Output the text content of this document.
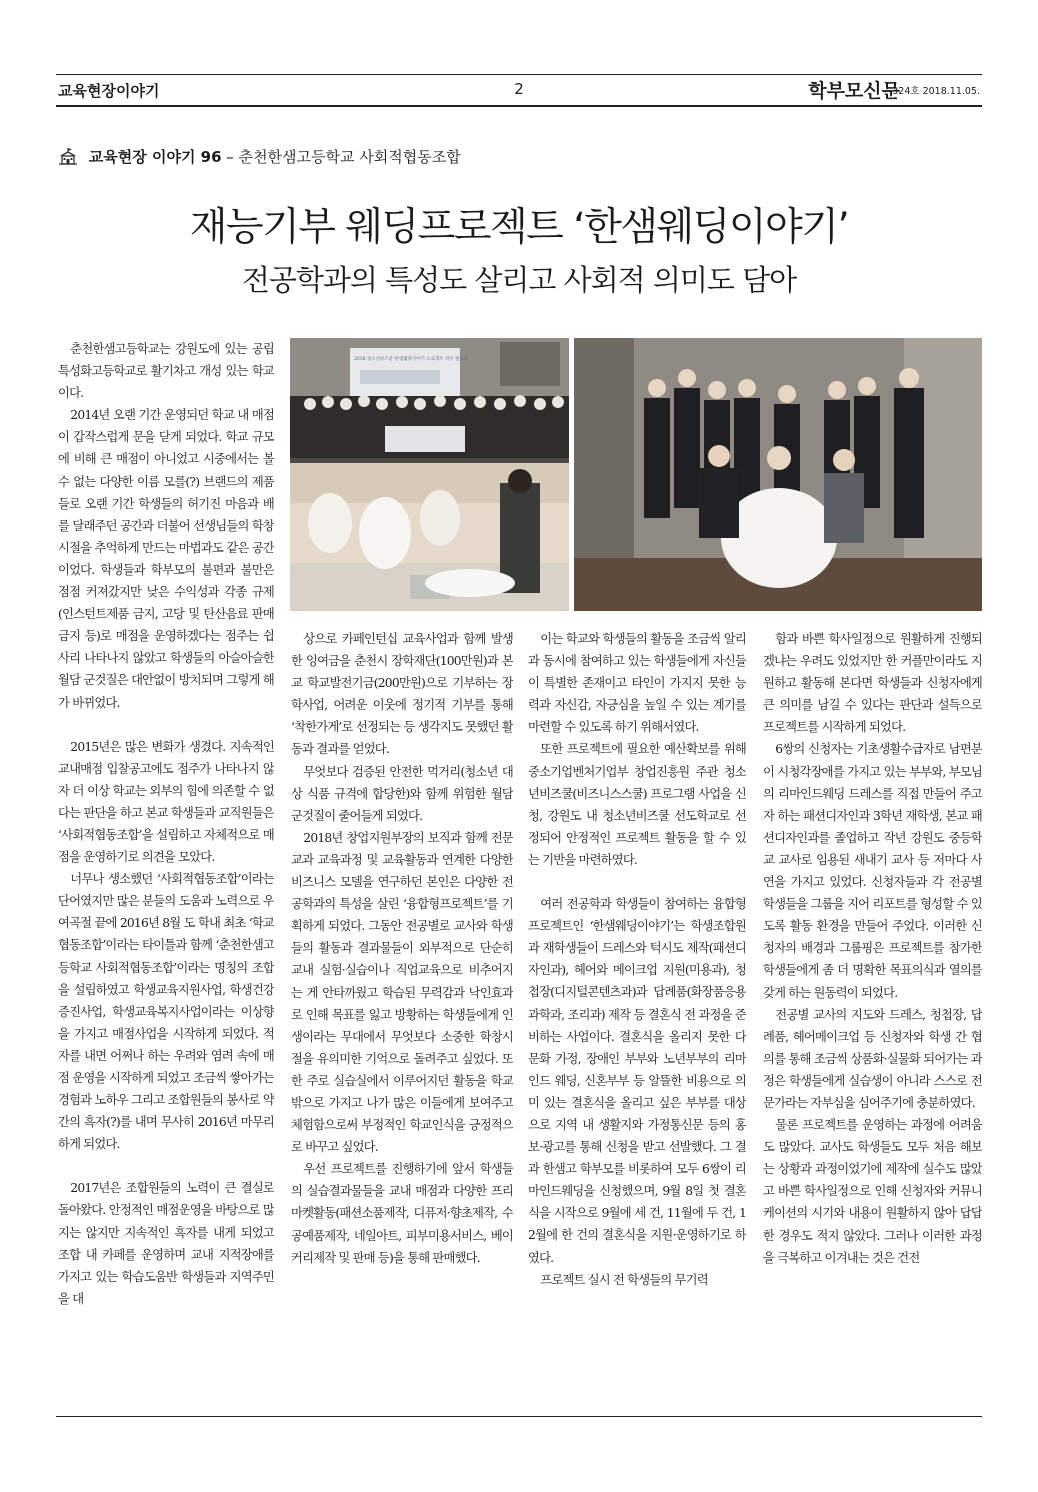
교육현장이야기	2	학부모신문
324호 2018.11.05.
교육현장 이야기 96 – 춘천한샘고등학교 사회적협동조합
재능기부 웨딩프로젝트 ‘한샘웨딩이야기’
전공학과의 특성도 살리고 사회적 의미도 담아
2018 청소년비즈쿨 한샘웨딩이야기 프로젝트 착수 발표회

춘천한샘고등학교는 강원도에 있는 공립특성화고등학교로 활기차고 개성 있는 학교이다.

2014년 오랜 기간 운영되던 학교 내 매점이 갑작스럽게 문을 닫게 되었다. 학교 규모에 비해 큰 매점이 아니었고 시중에서는 볼 수 없는 다양한 이름 모를(?) 브랜드의 제품들로 오랜 기간 학생들의 허기진 마음과 배를 달래주던 공간과 더불어 선생님들의 학창시절을 추억하게 만드는 마법과도 같은 공간이었다. 학생들과 학부모의 불편과 불만은 점점 커져갔지만 낮은 수익성과 각종 규제(인스턴트제품 금지, 고당 및 탄산음료 판매금지 등)로 매점을 운영하겠다는 점주는 쉽사리 나타나지 않았고 학생들의 아슬아슬한 월담 군것질은 대안없이 방치되며 그렇게 해가 바뀌었다.

2015년은 많은 변화가 생겼다. 지속적인 교내매점 입찰공고에도 점주가 나타나지 않자 더 이상 학교는 외부의 힘에 의존할 수 없다는 판단을 하고 본교 학생들과 교직원들은 ‘사회적협동조합’을 설립하고 자체적으로 매점을 운영하기로 의견을 모았다.

너무나 생소했던 ‘사회적협동조합’이라는 단어였지만 많은 분들의 도움과 노력으로 우여곡절 끝에 2016년 8월 도 학내 최초 ‘학교협동조합’이라는 타이틀과 함께 ‘춘천한샘고등학교 사회적협동조합’이라는 명칭의 조합을 설립하였고 학생교육지원사업, 학생건강증진사업, 학생교육복지사업이라는 이상향을 가지고 매점사업을 시작하게 되었다. 적자를 내면 어쩌나 하는 우려와 염려 속에 매점 운영을 시작하게 되었고 조금씩 쌓아가는 경험과 노하우 그리고 조합원들의 봉사로 약간의 흑자(?)를 내며 무사히 2016년 마무리하게 되었다.

2017년은 조합원들의 노력이 큰 결실로 돌아왔다. 안정적인 매점운영을 바탕으로 많지는 않지만 지속적인 흑자를 내게 되었고 조합 내 카페를 운영하며 교내 지적장애를 가지고 있는 학습도움반 학생들과 지역주민을 대

상으로 카페인턴십 교육사업과 함께 발생한 잉여금을 춘천시 장학재단(100만원)과 본교 학교발전기금(200만원)으로 기부하는 장학사업, 어려운 이웃에 정기적 기부를 통해 ‘착한가게’로 선정되는 등 생각지도 못했던 활동과 결과를 얻었다.

무엇보다 검증된 안전한 먹거리(청소년 대상 식품 규격에 합당한)와 함께 위험한 월담 군것질이 줄어들게 되었다.

2018년 창업지원부장의 보직과 함께 전문교과 교육과정 및 교육활동과 연계한 다양한 비즈니스 모델을 연구하던 본인은 다양한 전공학과의 특성을 살린 ‘융합형프로젝트’를 기획하게 되었다. 그동안 전공별로 교사와 학생들의 활동과 결과물들이 외부적으로 단순히 교내 실험·실습이나 직업교육으로 비추어지는 게 안타까웠고 학습된 무력감과 낙인효과로 인해 목표를 잃고 방황하는 학생들에게 인생이라는 무대에서 무엇보다 소중한 학창시절을 유의미한 기억으로 돌려주고 싶었다. 또한 주로 실습실에서 이루어지던 활동을 학교 밖으로 가지고 나가 많은 이들에게 보여주고 체험함으로써 부정적인 학교인식을 긍정적으로 바꾸고 싶었다.

우선 프로젝트를 진행하기에 앞서 학생들의 실습결과물들을 교내 매점과 다양한 프리마켓활동(패션소품제작, 디퓨저·향초제작, 수공예품제작, 네일아트, 피부미용서비스, 베이커리제작 및 판매 등)을 통해 판매했다.

이는 학교와 학생들의 활동을 조금씩 알리과 동시에 참여하고 있는 학생들에게 자신들이 특별한 존재이고 타인이 가지지 못한 능력과 자신감, 자긍심을 높일 수 있는 계기를 마련할 수 있도록 하기 위해서였다.

또한 프로젝트에 필요한 예산확보를 위해 중소기업벤처기업부 창업진흥원 주관 청소년비즈쿨(비즈니스스쿨) 프로그램 사업을 신청, 강원도 내 청소년비즈쿨 선도학교로 선정되어 안정적인 프로젝트 활동을 할 수 있는 기반을 마련하였다.

여러 전공학과 학생들이 참여하는 융합형 프로젝트인 ‘한샘웨딩이야기’는 학생조합원과 재학생들이 드레스와 턱시도 제작(패션디자인과), 헤어와 메이크업 지원(미용과), 청첩장(디지털콘텐츠과)과 답례품(화장품응용과학과, 조리과) 제작 등 결혼식 전 과정을 준비하는 사업이다. 결혼식을 올리지 못한 다문화 가정, 장애인 부부와 노년부부의 리마인드 웨딩, 신혼부부 등 알뜰한 비용으로 의미 있는 결혼식을 올리고 싶은 부부를 대상으로 지역 내 생활지와 가정통신문 등의 홍보·광고를 통해 신청을 받고 선발했다. 그 결과 한샘고 학부모를 비롯하여 모두 6쌍이 리마인드웨딩을 신청했으며, 9월 8일 첫 결혼식을 시작으로 9월에 세 건, 11월에 두 건, 12월에 한 건의 결혼식을 지원·운영하기로 하였다.

프로젝트 실시 전 학생들의 무기력

함과 바쁜 학사일정으로 원활하게 진행되겠냐는 우려도 있었지만 한 커플만이라도 지원하고 활동해 본다면 학생들과 신청자에게 큰 의미를 남길 수 있다는 판단과 설득으로 프로젝트를 시작하게 되었다.

6쌍의 신청자는 기초생활수급자로 남편분이 시청각장애를 가지고 있는 부부와, 부모님의 리마인드웨딩 드레스를 직접 만들어 주고자 하는 패션디자인과 3학년 재학생, 본교 패션디자인과를 졸업하고 작년 강원도 중등학교 교사로 임용된 새내기 교사 등 저마다 사연을 가지고 있었다. 신청자들과 각 전공별 학생들을 그룹을 지어 리포트를 형성할 수 있도록 활동 환경을 만들어 주었다. 이러한 신청자의 배경과 그룹핑은 프로젝트를 참가한 학생들에게 좀 더 명확한 목표의식과 열의를 갖게 하는 원동력이 되었다.

전공별 교사의 지도와 드레스, 청첩장, 답례품, 헤어메이크업 등 신청자와 학생 간 협의를 통해 조금씩 상품화·실물화 되어가는 과정은 학생들에게 실습생이 아니라 스스로 전문가라는 자부심을 심어주기에 충분하였다.

물론 프로젝트를 운영하는 과정에 어려움도 많았다. 교사도 학생들도 모두 처음 해보는 상황과 과정이었기에 제작에 실수도 많았고 바쁜 학사일정으로 인해 신청자와 커뮤니케이션의 시기와 내용이 원활하지 않아 답답한 경우도 적지 않았다. 그러나 이러한 과정을 극복하고 이겨내는 것은 건전
